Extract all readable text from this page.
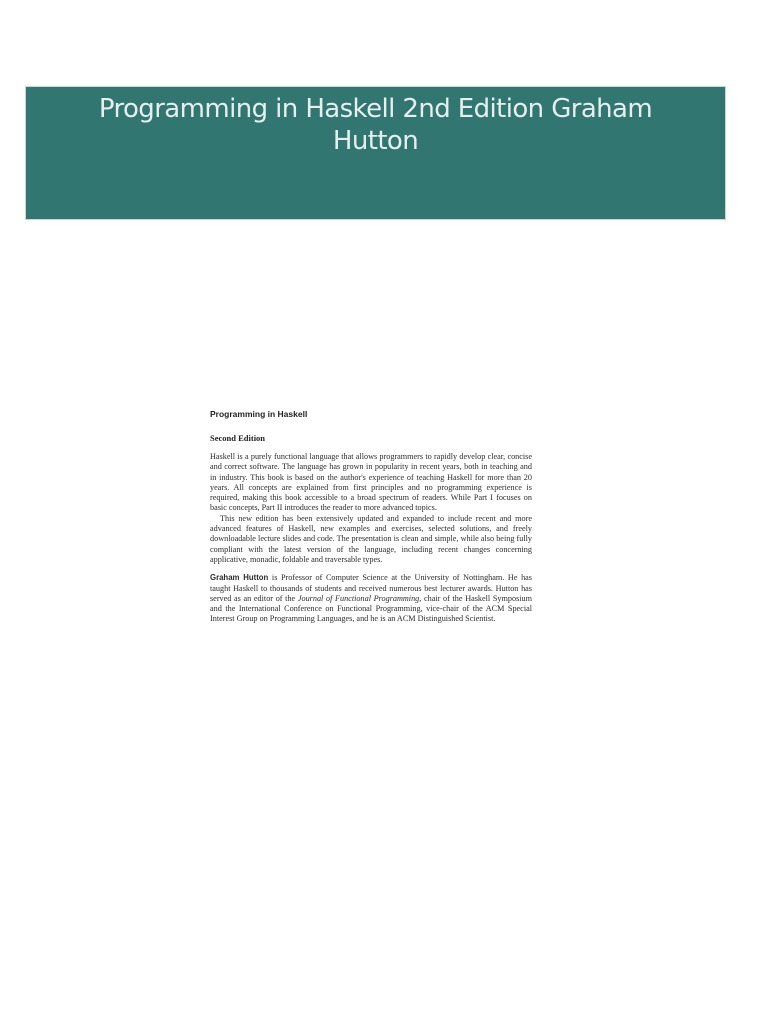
Programming in Haskell 2nd Edition Graham Hutton
Programming in Haskell
Second Edition

Haskell is a purely functional language that allows programmers to rapidly develop clear, concise and correct software. The language has grown in popularity in recent years, both in teaching and in industry. This book is based on the author's experience of teaching Haskell for more than 20 years. All concepts are explained from first principles and no programming experience is required, making this book accessible to a broad spectrum of readers. While Part I focuses on basic concepts, Part II introduces the reader to more advanced topics.

This new edition has been extensively updated and expanded to include recent and more advanced features of Haskell, new examples and exercises, selected solutions, and freely downloadable lecture slides and code. The presentation is clean and simple, while also being fully compliant with the latest version of the language, including recent changes concerning applicative, monadic, foldable and traversable types.

Graham Hutton is Professor of Computer Science at the University of Nottingham. He has taught Haskell to thousands of students and received numerous best lecturer awards. Hutton has served as an editor of the Journal of Functional Programming, chair of the Haskell Symposium and the International Conference on Functional Programming, vice-chair of the ACM Special Interest Group on Programming Languages, and he is an ACM Distinguished Scientist.
